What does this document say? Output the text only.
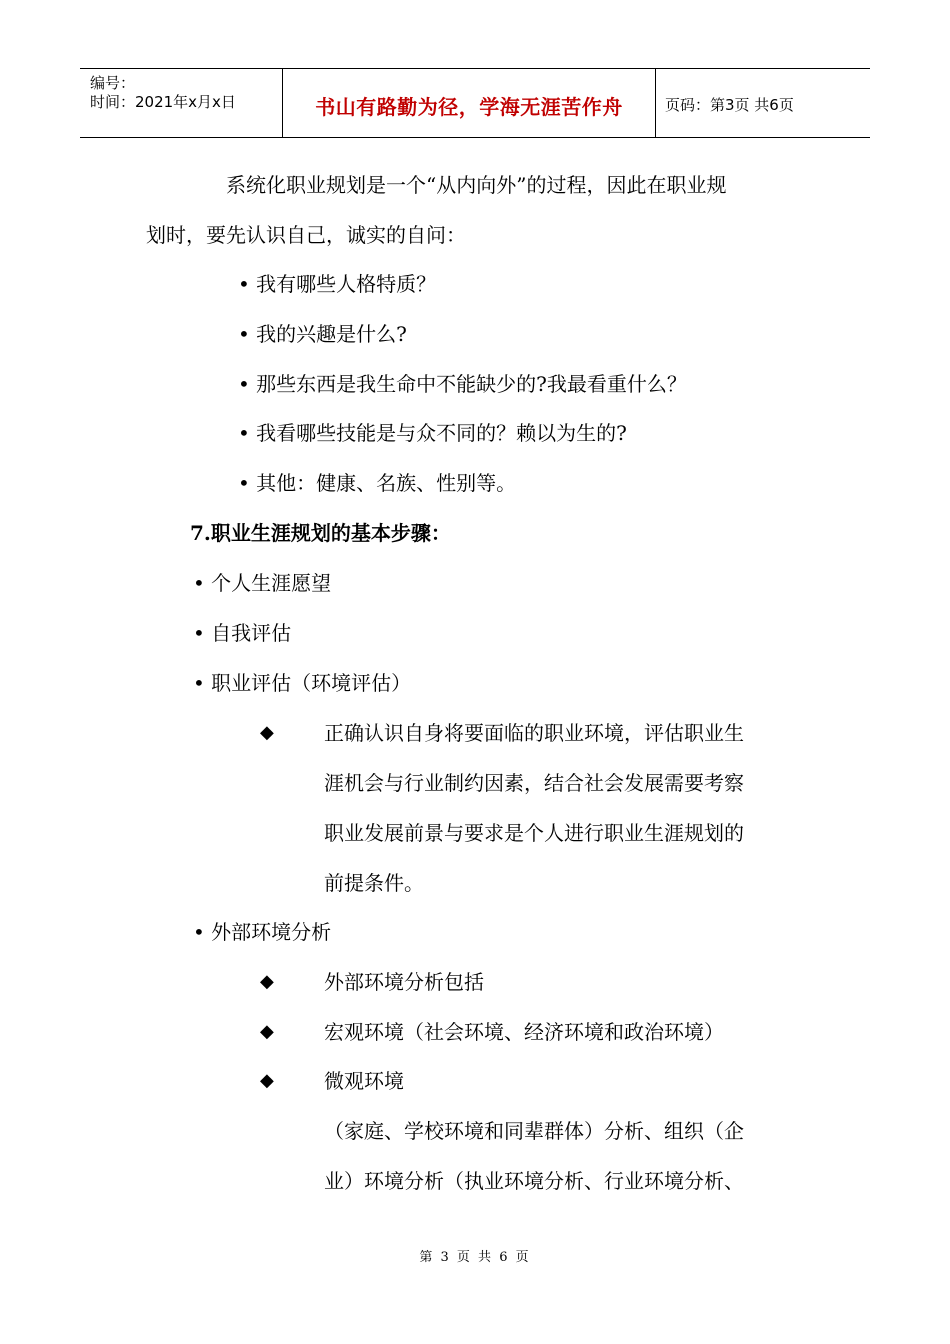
编号：
时间：2021年x月x日	书山有路勤为径，学海无涯苦作舟	页码：第3页 共6页
系统化职业规划是一个“从内向外”的过程，因此在职业规
划时，要先认识自己，诚实的自问：
• 我有哪些人格特质？
• 我的兴趣是什么?
• 那些东西是我生命中不能缺少的?我最看重什么？
• 我看哪些技能是与众不同的？赖以为生的?
• 其他：健康、名族、性别等。
7.职业生涯规划的基本步骤：
• 个人生涯愿望
• 自我评估
• 职业评估（环境评估）
◆	正确认识自身将要面临的职业环境，评估职业生
涯机会与行业制约因素，结合社会发展需要考察
职业发展前景与要求是个人进行职业生涯规划的
前提条件。
• 外部环境分析
◆	外部环境分析包括
◆	宏观环境（社会环境、经济环境和政治环境）
◆	微观环境
（家庭、学校环境和同辈群体）分析、组织（企
业）环境分析（执业环境分析、行业环境分析、
第 3 页 共 6 页
